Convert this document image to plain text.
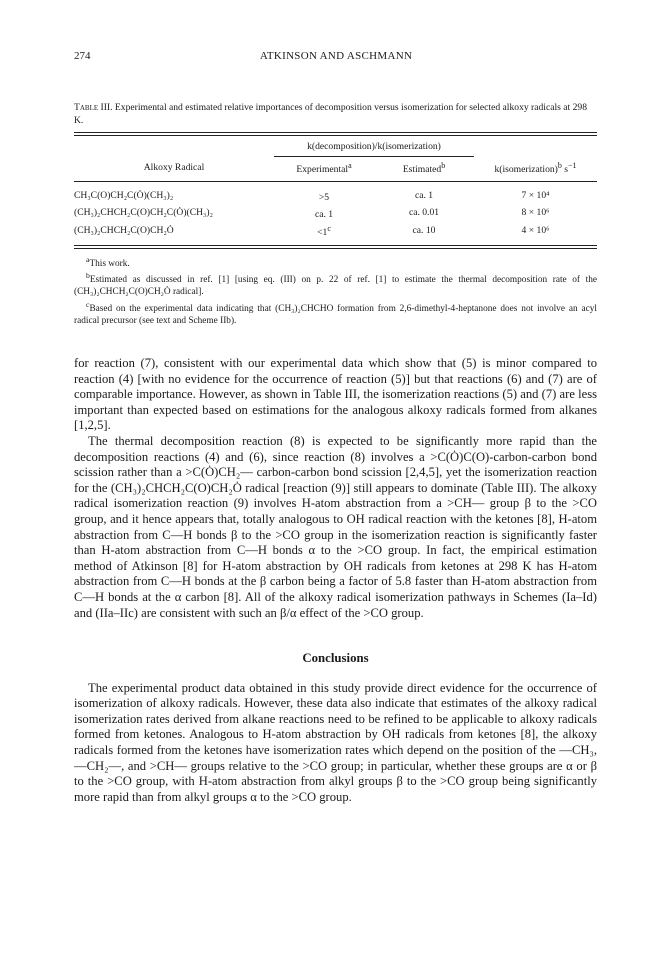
274	ATKINSON AND ASCHMANN

Table III. Experimental and estimated relative importances of decomposition versus isomerization for selected alkoxy radicals at 298 K.

	k(decomposition)/k(isomerization)		
Alkoxy Radical	Experimental$^a$	Estimated$^b$	k(isomerization)$^b$ $s^{-1}$

CH₃C(O)CH₂C(Ȯ)(CH₃)₂	>5	ca. 1	7 × 10⁴
(CH₃)₂CHCH₂C(O)CH₂C(Ȯ)(CH₃)₂	ca. 1	ca. 0.01	8 × 10⁶
(CH₃)₂CHCH₂C(O)CH₂Ȯ	$<1^c$	ca. 10	4 × 10⁶

$^a$This work.

$^b$Estimated as discussed in ref. [1] [using eq. (III) on p. 22 of ref. [1] to estimate the thermal decomposition rate of the (CH₃)₂CHCH₂C(O)CH₂Ȯ radical].

$^c$Based on the experimental data indicating that (CH₃)₂CHCHO formation from 2,6-dimethyl-4-heptanone does not involve an acyl radical precursor (see text and Scheme IIb).

for reaction (7), consistent with our experimental data which show that (5) is minor compared to reaction (4) [with no evidence for the occurrence of reaction (5)] but that reactions (6) and (7) are of comparable importance. However, as shown in Table III, the isomerization reactions (5) and (7) are less important than expected based on estimations for the analogous alkoxy radicals formed from alkanes [1,2,5].

The thermal decomposition reaction (8) is expected to be significantly more rapid than the decomposition reactions (4) and (6), since reaction (8) involves a >C(Ȯ)C(O)-carbon-carbon bond scission rather than a >C(Ȯ)CH₂— carbon-carbon bond scission [2,4,5], yet the isomerization reaction for the (CH₃)₂CHCH₂C(O)CH₂Ȯ radical [reaction (9)] still appears to dominate (Table III). The alkoxy radical isomerization reaction (9) involves H-atom abstraction from a >CH— group β to the >CO group, and it hence appears that, totally analogous to OH radical reaction with the ketones [8], H-atom abstraction from C—H bonds β to the >CO group in the isomerization reaction is significantly faster than H-atom abstraction from C—H bonds α to the >CO group. In fact, the empirical estimation method of Atkinson [8] for H-atom abstraction by OH radicals from ketones at 298 K has H-atom abstraction from C—H bonds at the β carbon being a factor of 5.8 faster than H-atom abstraction from C—H bonds at the α carbon [8]. All of the alkoxy radical isomerization pathways in Schemes (Ia–Id) and (IIa–IIc) are consistent with such an β/α effect of the >CO group.

Conclusions

The experimental product data obtained in this study provide direct evidence for the occurrence of isomerization of alkoxy radicals. However, these data also indicate that estimates of the alkoxy radical isomerization rates derived from alkane reactions need to be refined to be applicable to alkoxy radicals formed from ketones. Analogous to H-atom abstraction by OH radicals from ketones [8], the alkoxy radicals formed from the ketones have isomerization rates which depend on the position of the —CH₃, —CH₂—, and >CH— groups relative to the >CO group; in particular, whether these groups are α or β to the >CO group, with H-atom abstraction from alkyl groups β to the >CO group being significantly more rapid than from alkyl groups α to the >CO group.
